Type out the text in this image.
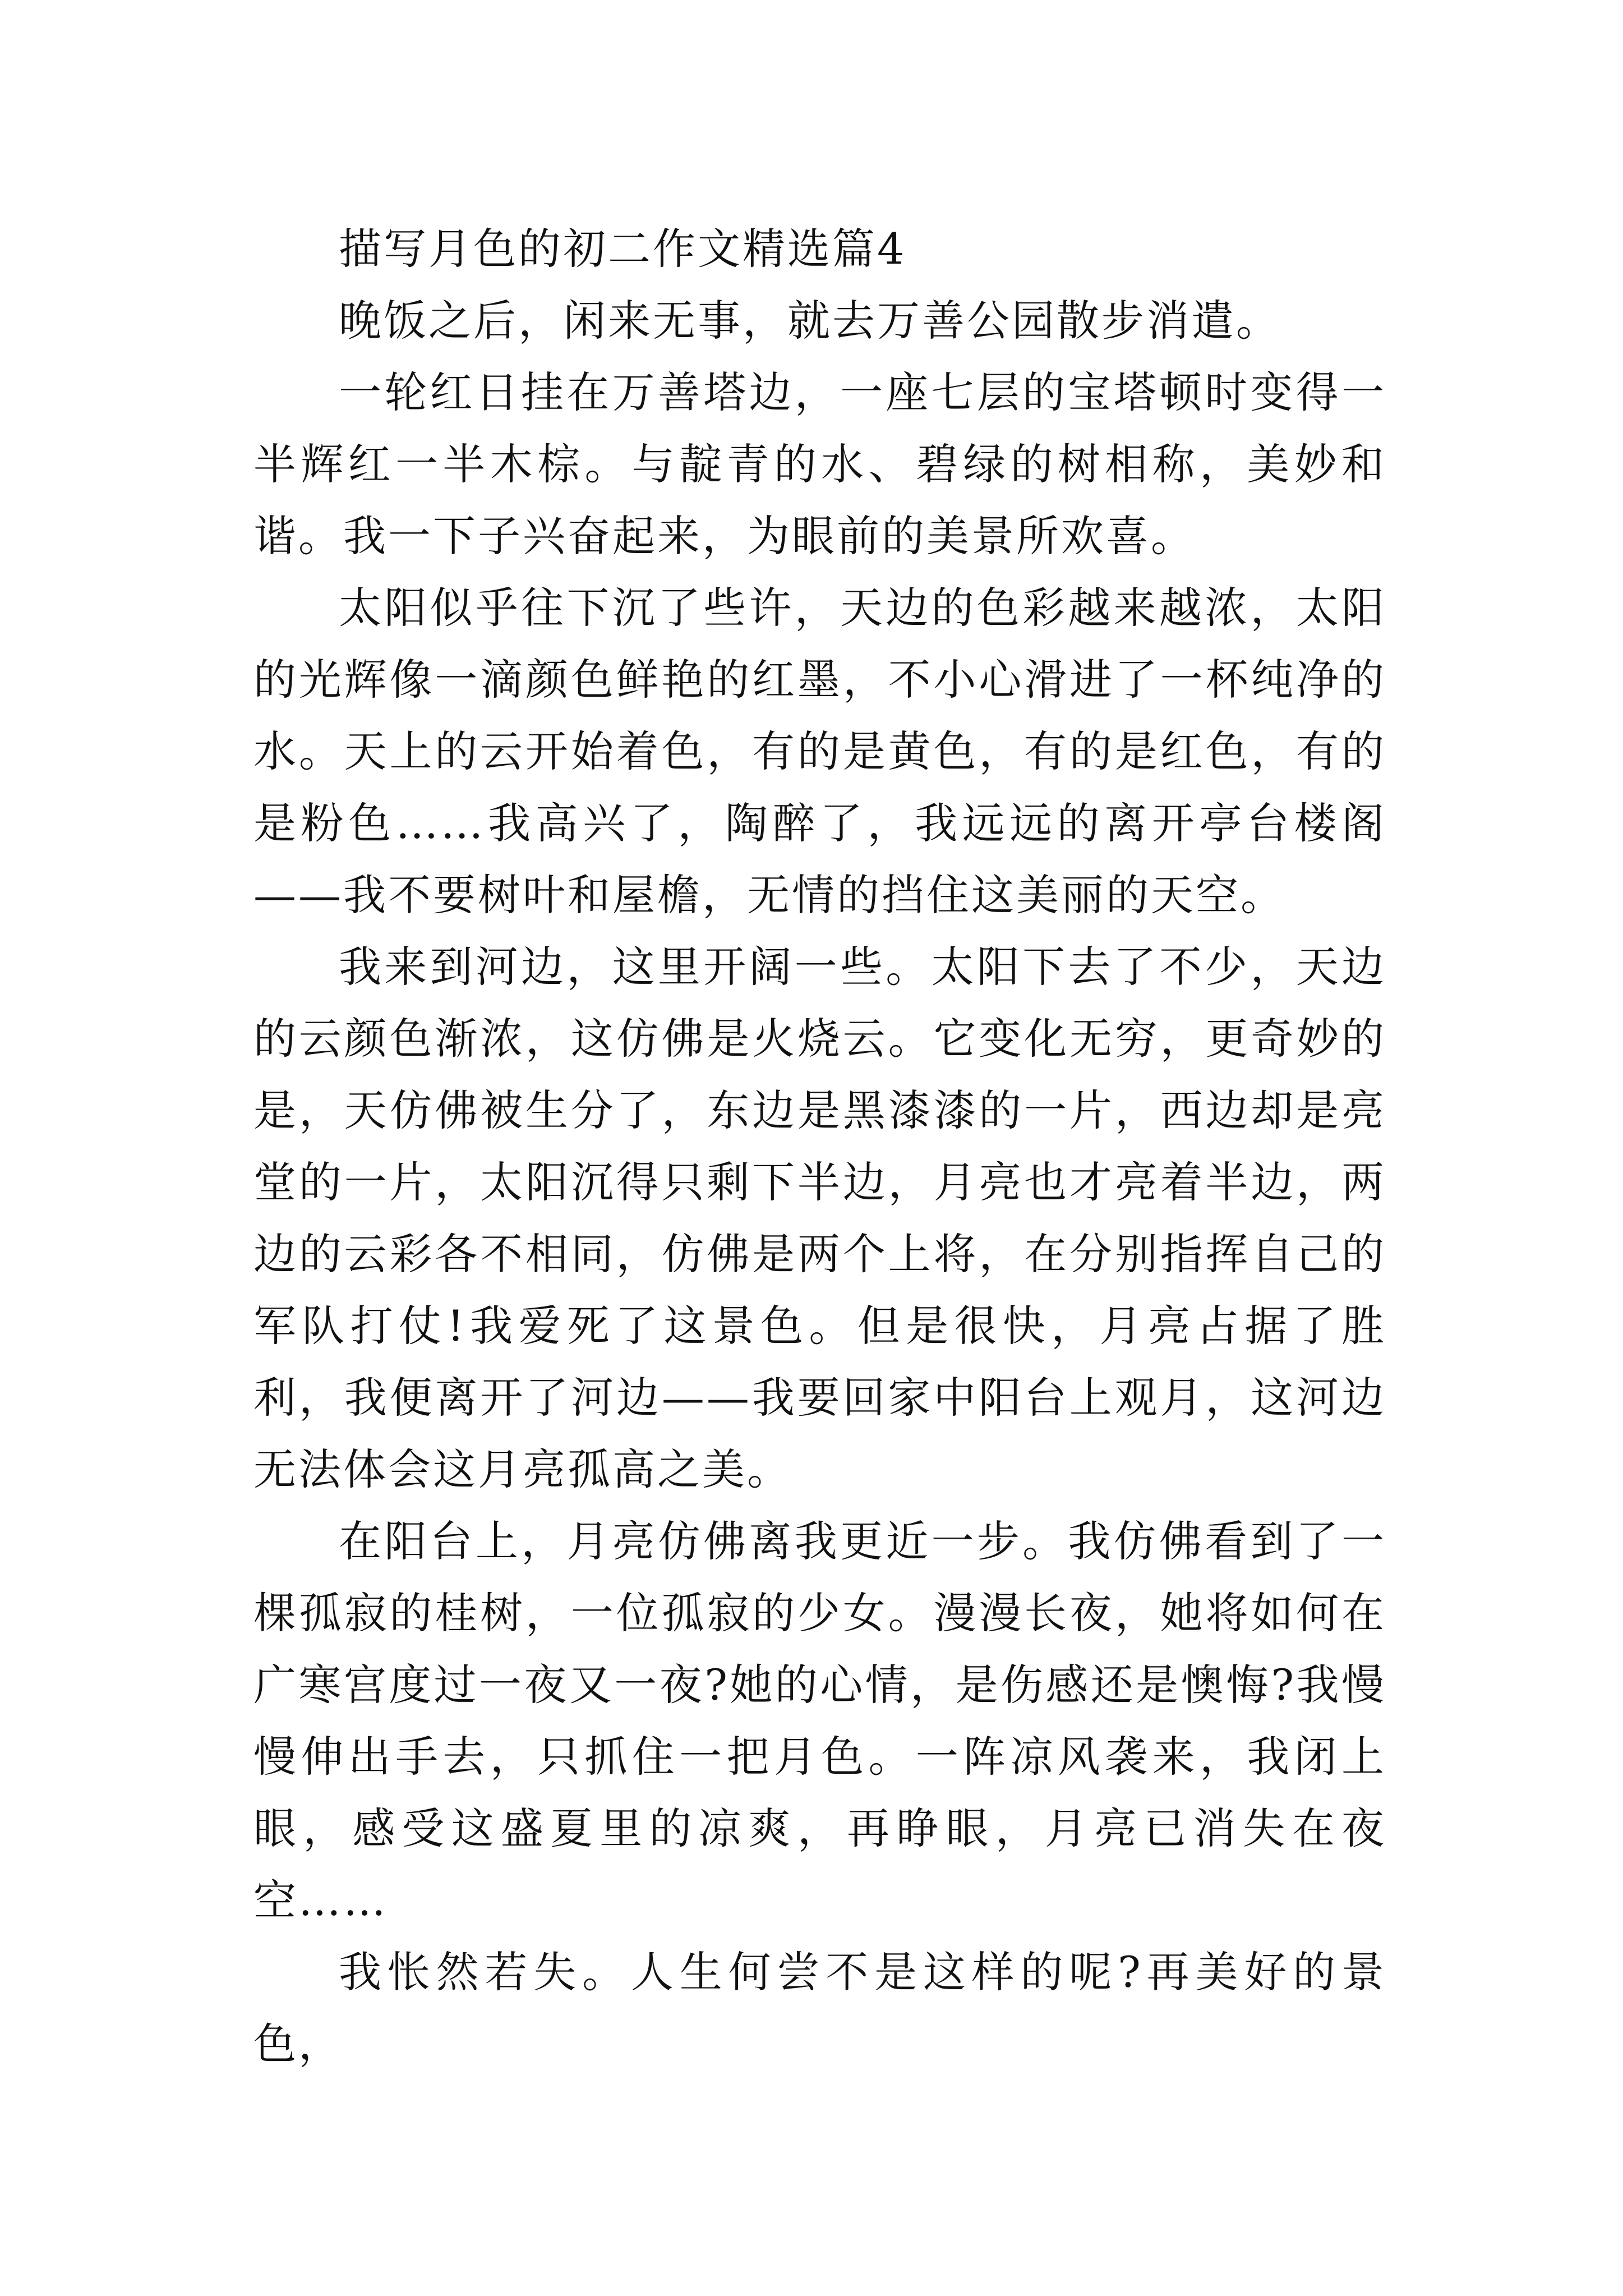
描写月色的初二作文精选篇4

晚饭之后，闲来无事，就去万善公园散步消遣。

一轮红日挂在万善塔边，一座七层的宝塔顿时变得一半辉红一半木棕。与靛青的水、碧绿的树相称，美妙和谐。我一下子兴奋起来，为眼前的美景所欢喜。

太阳似乎往下沉了些许，天边的色彩越来越浓，太阳的光辉像一滴颜色鲜艳的红墨，不小心滑进了一杯纯净的水。天上的云开始着色，有的是黄色，有的是红色，有的是粉色……我高兴了，陶醉了，我远远的离开亭台楼阁——我不要树叶和屋檐，无情的挡住这美丽的天空。

我来到河边，这里开阔一些。太阳下去了不少，天边的云颜色渐浓，这仿佛是火烧云。它变化无穷，更奇妙的是，天仿佛被生分了，东边是黑漆漆的一片，西边却是亮堂的一片，太阳沉得只剩下半边，月亮也才亮着半边，两边的云彩各不相同，仿佛是两个上将，在分别指挥自己的军队打仗!我爱死了这景色。但是很快，月亮占据了胜利，我便离开了河边——我要回家中阳台上观月，这河边无法体会这月亮孤高之美。

在阳台上，月亮仿佛离我更近一步。我仿佛看到了一棵孤寂的桂树，一位孤寂的少女。漫漫长夜，她将如何在广寒宫度过一夜又一夜?她的心情，是伤感还是懊悔?我慢慢伸出手去，只抓住一把月色。一阵凉风袭来，我闭上眼，感受这盛夏里的凉爽，再睁眼，月亮已消失在夜空……

我怅然若失。人生何尝不是这样的呢?再美好的景色，
